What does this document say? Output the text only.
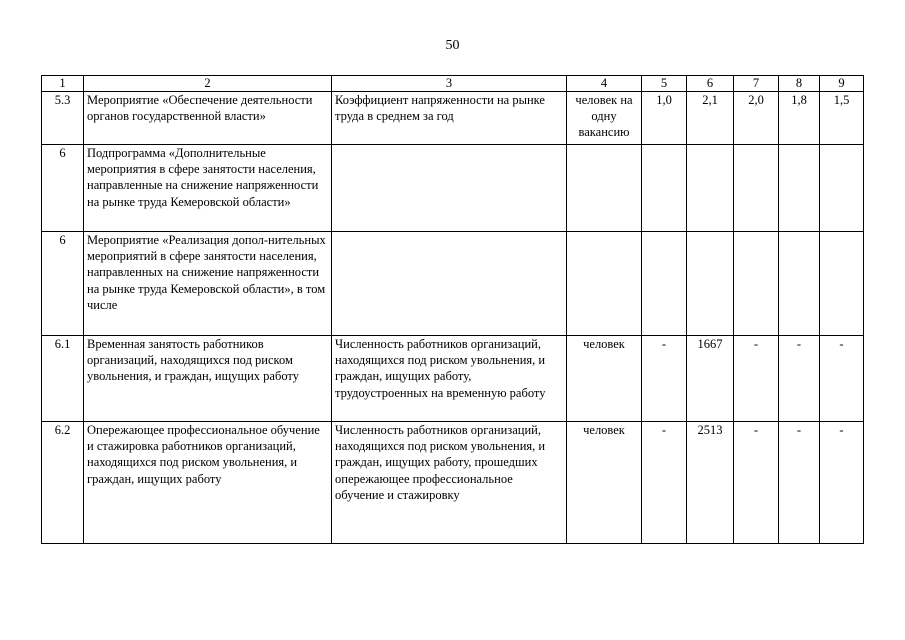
50
1	2	3	4	5	6	7	8	9
5.3	Мероприятие «Обеспечение деятельности органов государственной власти»	Коэффициент напряженности на рынке труда в среднем за год	человек на одну вакансию	1,0	2,1	2,0	1,8	1,5
6	Подпрограмма «Дополнительные мероприятия в сфере занятости населения, направленные на снижение напряженности на рынке труда Кемеровской области»							
6	Мероприятие «Реализация допол-нительных мероприятий в сфере занятости населения, направленных на снижение напряженности на рынке труда Кемеровской области», в том числе							
6.1	Временная занятость работников организаций, находящихся под риском увольнения, и граждан, ищущих работу	Численность работников организаций, находящихся под риском увольнения, и граждан, ищущих работу, трудоустроенных на временную работу	человек	-	1667	-	-	-
6.2	Опережающее профессиональное обучение и стажировка работников организаций, находящихся под риском увольнения, и граждан, ищущих работу	Численность работников организаций, находящихся под риском увольнения, и граждан, ищущих работу, прошедших опережающее профессиональное обучение и стажировку	человек	-	2513	-	-	-
